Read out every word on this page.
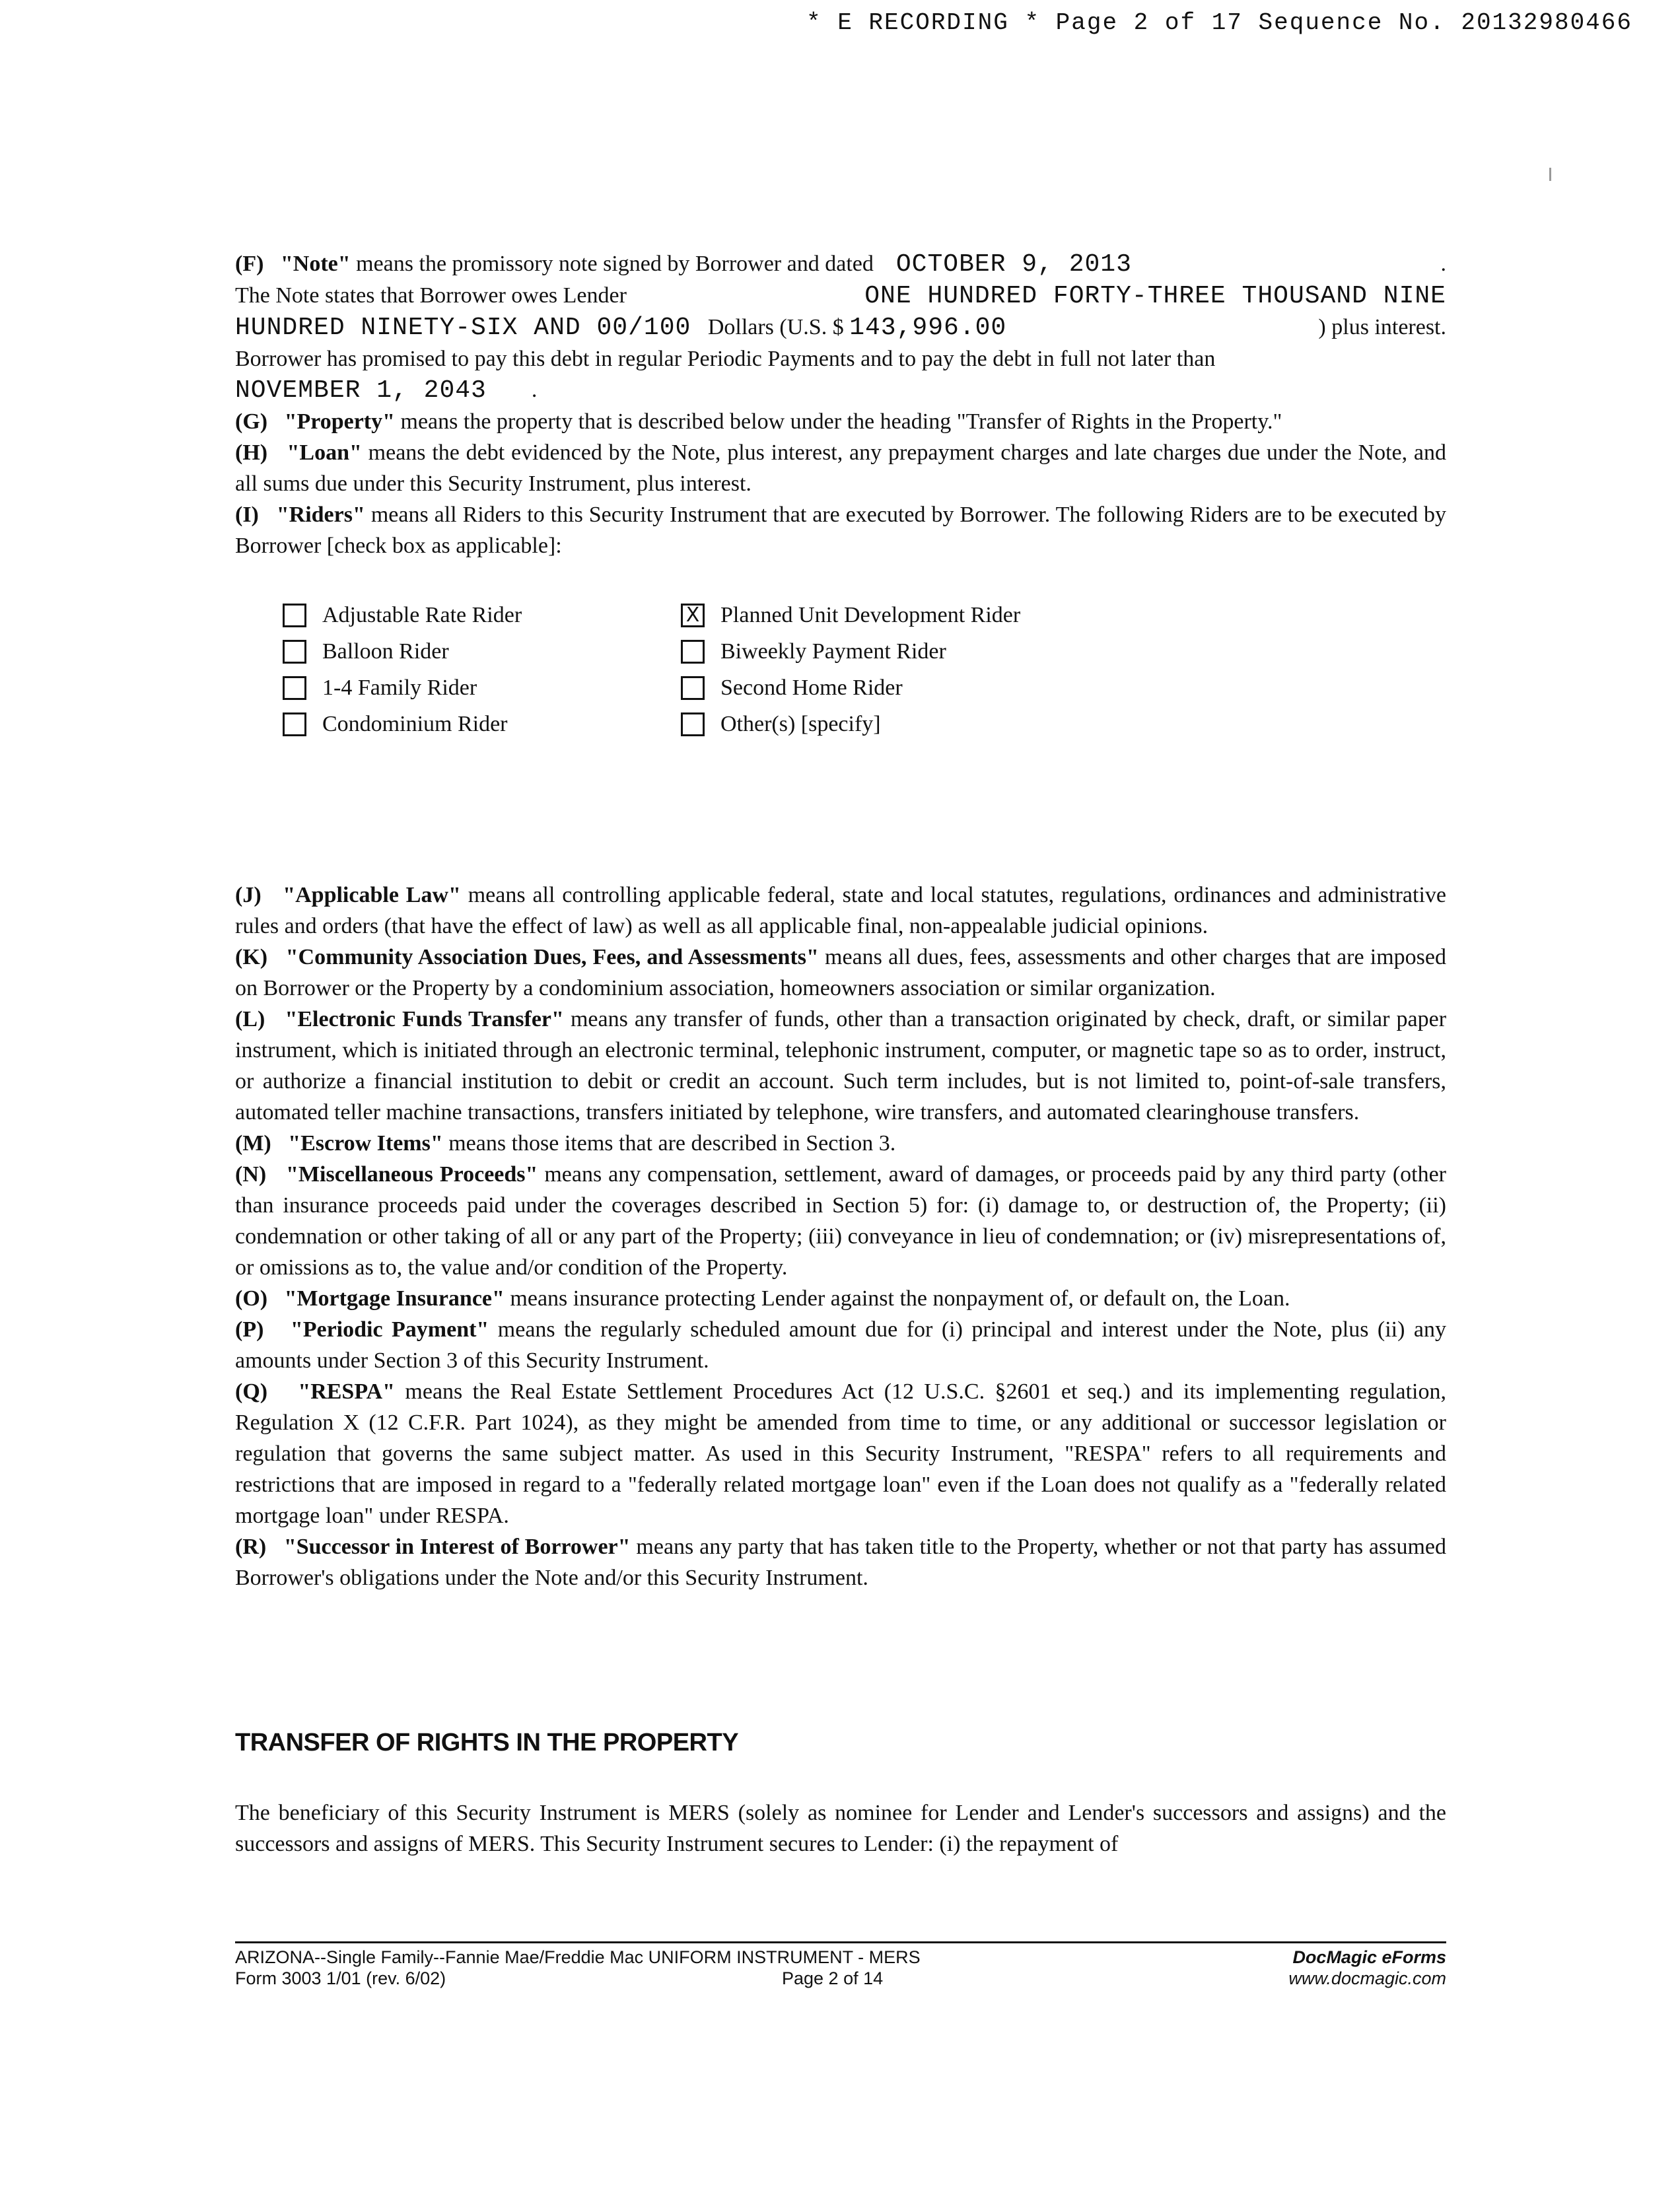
* E RECORDING * Page 2 of 17 Sequence No. 20132980466

(F) "Note" means the promissory note signed by Borrower and dated OCTOBER 9, 2013	.

The Note states that Borrower owes Lender	ONE HUNDRED FORTY-THREE THOUSAND NINE

HUNDRED NINETY-SIX AND 00/100 Dollars (U.S. $ 143,996.00	) plus interest.

Borrower has promised to pay this debt in regular Periodic Payments and to pay the debt in full not later than

NOVEMBER 1, 2043 .

(G) "Property" means the property that is described below under the heading "Transfer of Rights in the Property."

(H) "Loan" means the debt evidenced by the Note, plus interest, any prepayment charges and late charges due under the Note, and all sums due under this Security Instrument, plus interest.

(I) "Riders" means all Riders to this Security Instrument that are executed by Borrower. The following Riders are to be executed by Borrower [check box as applicable]:

Adjustable Rate Rider	X Planned Unit Development Rider
Balloon Rider	Biweekly Payment Rider
1-4 Family Rider	Second Home Rider
Condominium Rider	Other(s) [specify]

(J) "Applicable Law" means all controlling applicable federal, state and local statutes, regulations, ordinances and administrative rules and orders (that have the effect of law) as well as all applicable final, non-appealable judicial opinions.

(K) "Community Association Dues, Fees, and Assessments" means all dues, fees, assessments and other charges that are imposed on Borrower or the Property by a condominium association, homeowners association or similar organization.

(L) "Electronic Funds Transfer" means any transfer of funds, other than a transaction originated by check, draft, or similar paper instrument, which is initiated through an electronic terminal, telephonic instrument, computer, or magnetic tape so as to order, instruct, or authorize a financial institution to debit or credit an account. Such term includes, but is not limited to, point-of-sale transfers, automated teller machine transactions, transfers initiated by telephone, wire transfers, and automated clearinghouse transfers.

(M) "Escrow Items" means those items that are described in Section 3.

(N) "Miscellaneous Proceeds" means any compensation, settlement, award of damages, or proceeds paid by any third party (other than insurance proceeds paid under the coverages described in Section 5) for: (i) damage to, or destruction of, the Property; (ii) condemnation or other taking of all or any part of the Property; (iii) conveyance in lieu of condemnation; or (iv) misrepresentations of, or omissions as to, the value and/or condition of the Property.

(O) "Mortgage Insurance" means insurance protecting Lender against the nonpayment of, or default on, the Loan.

(P) "Periodic Payment" means the regularly scheduled amount due for (i) principal and interest under the Note, plus (ii) any amounts under Section 3 of this Security Instrument.

(Q) "RESPA" means the Real Estate Settlement Procedures Act (12 U.S.C. §2601 et seq.) and its implementing regulation, Regulation X (12 C.F.R. Part 1024), as they might be amended from time to time, or any additional or successor legislation or regulation that governs the same subject matter. As used in this Security Instrument, "RESPA" refers to all requirements and restrictions that are imposed in regard to a "federally related mortgage loan" even if the Loan does not qualify as a "federally related mortgage loan" under RESPA.

(R) "Successor in Interest of Borrower" means any party that has taken title to the Property, whether or not that party has assumed Borrower's obligations under the Note and/or this Security Instrument.

TRANSFER OF RIGHTS IN THE PROPERTY
The beneficiary of this Security Instrument is MERS (solely as nominee for Lender and Lender's successors and assigns) and the successors and assigns of MERS. This Security Instrument secures to Lender: (i) the repayment of
ARIZONA--Single Family--Fannie Mae/Freddie Mac UNIFORM INSTRUMENT - MERS
Form 3003 1/01 (rev. 6/02)	Page 2 of 14
DocMagic eForms
www.docmagic.com
